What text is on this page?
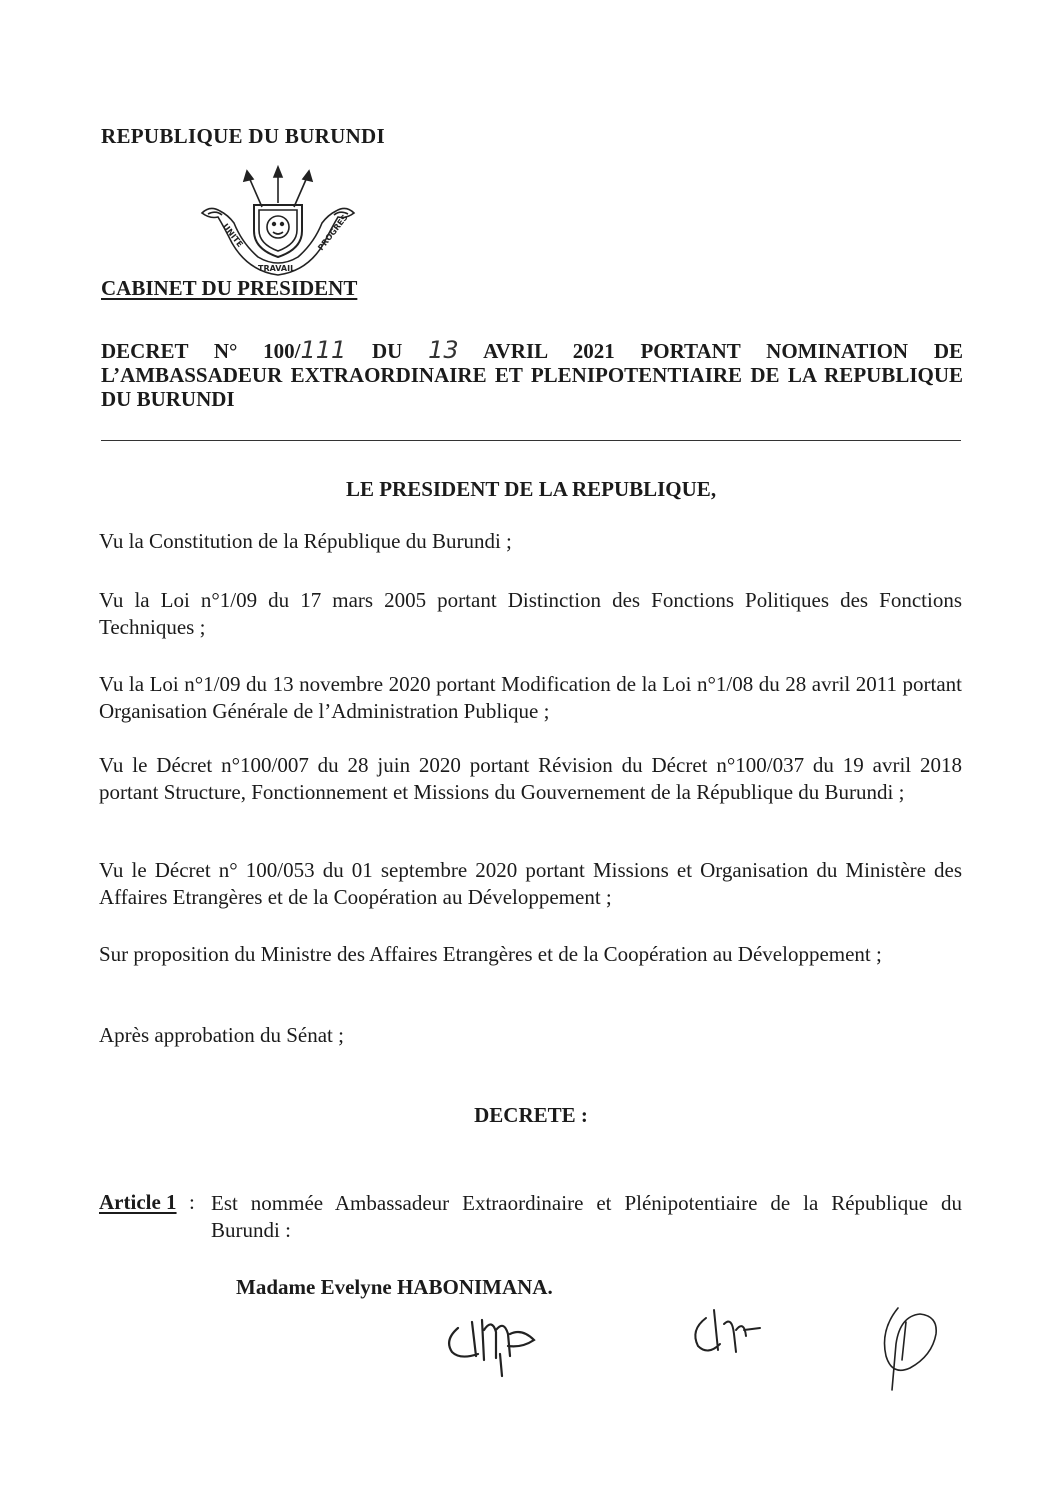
REPUBLIQUE DU BURUNDI
UNITE
TRAVAIL
PROGRES
CABINET DU PRESIDENT
DECRET N° 100/111 DU 13 AVRIL 2021 PORTANT NOMINATION DE L’AMBASSADEUR EXTRAORDINAIRE ET PLENIPOTENTIAIRE DE LA REPUBLIQUE DU BURUNDI
LE PRESIDENT DE LA REPUBLIQUE,
Vu la Constitution de la République du Burundi ;
Vu la Loi n°1/09 du 17 mars 2005 portant Distinction des Fonctions Politiques des Fonctions Techniques ;
Vu la Loi n°1/09 du 13 novembre 2020 portant Modification de la Loi n°1/08 du 28 avril 2011 portant Organisation Générale de l’Administration Publique ;
Vu le Décret n°100/007 du 28 juin 2020 portant Révision du Décret n°100/037 du 19 avril 2018 portant Structure, Fonctionnement et Missions du Gouvernement de la République du Burundi ;
Vu le Décret n° 100/053 du 01 septembre 2020 portant Missions et Organisation du Ministère des Affaires Etrangères et de la Coopération au Développement ;
Sur proposition du Ministre des Affaires Etrangères et de la Coopération au Développement ;
Après approbation du Sénat ;
DECRETE :
Article 1 : Est nommée Ambassadeur Extraordinaire et Plénipotentiaire de la République du Burundi :
Madame Evelyne HABONIMANA.
